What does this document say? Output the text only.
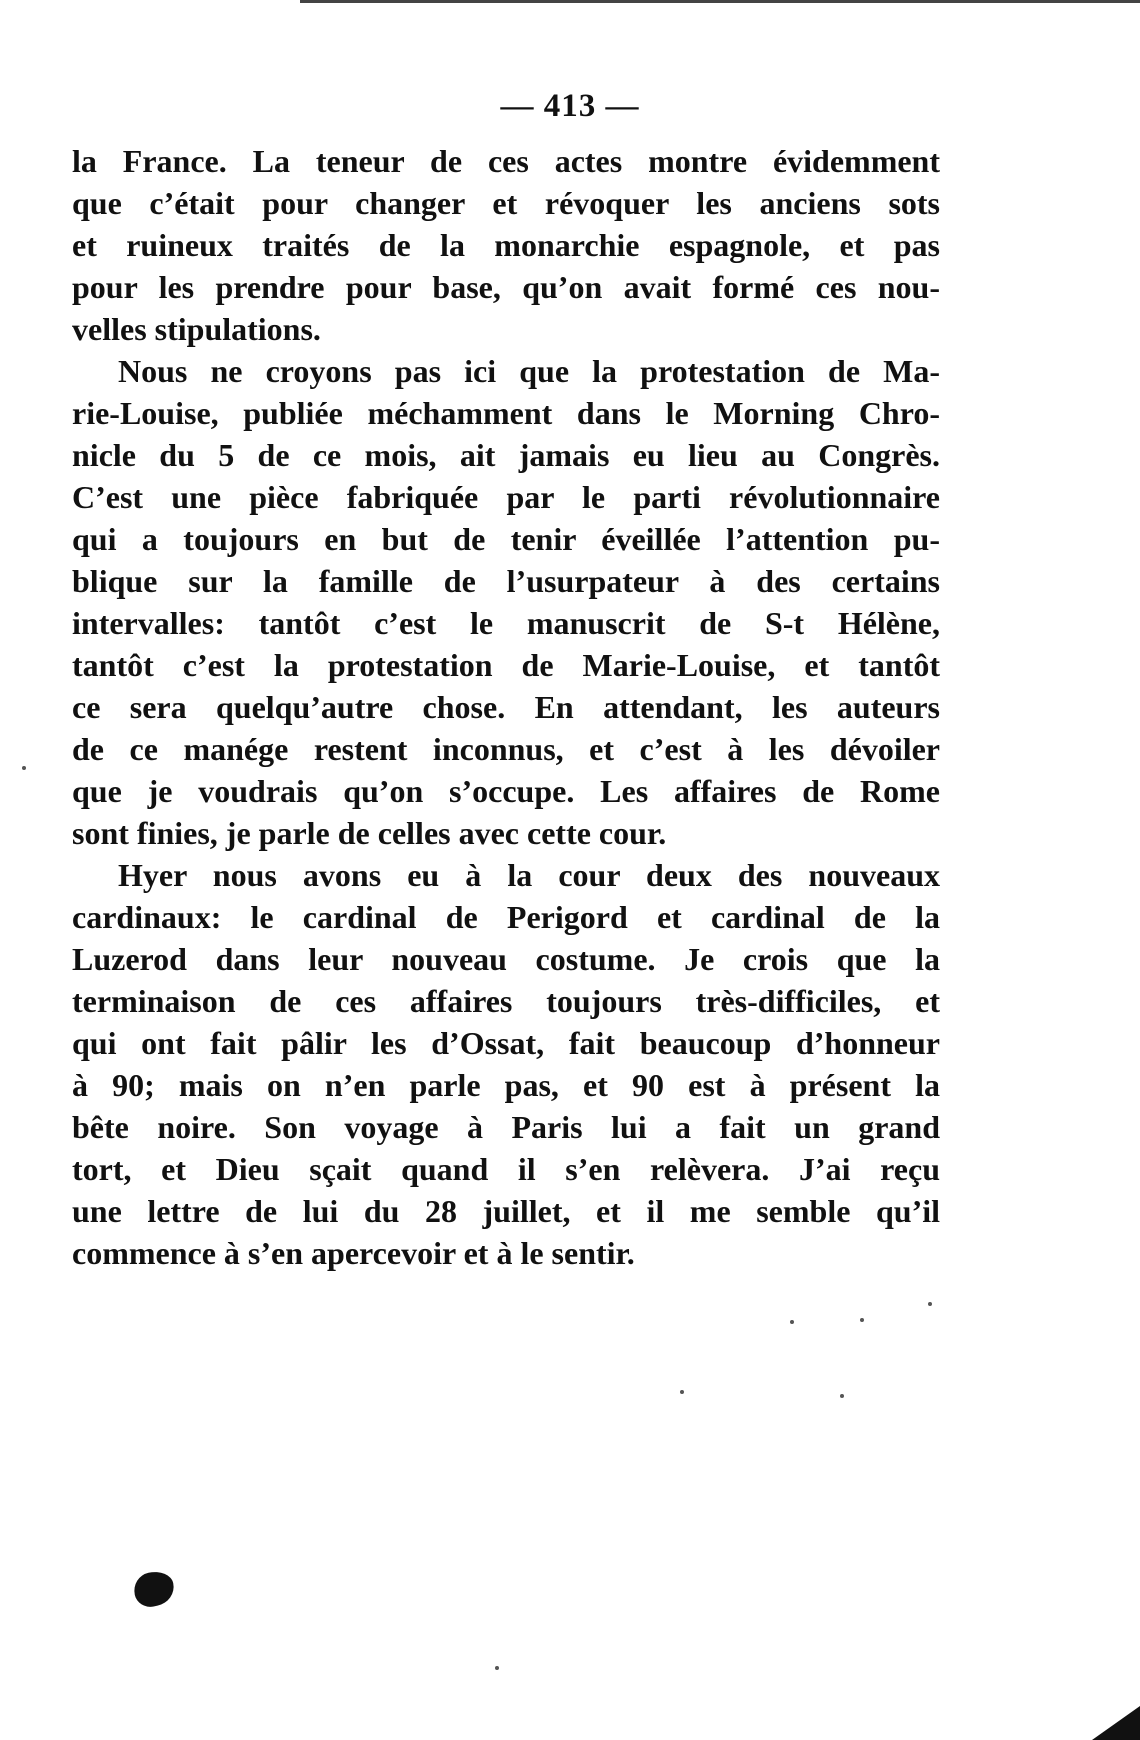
— 413 —
la France. La teneur de ces actes montre évidemment
que c’était pour changer et révoquer les anciens sots
et ruineux traités de la monarchie espagnole, et pas
pour les prendre pour base, qu’on avait formé ces nou-
velles stipulations.
Nous ne croyons pas ici que la protestation de Ma-
rie-Louise, publiée méchamment dans le Morning Chro-
nicle du 5 de ce mois, ait jamais eu lieu au Congrès.
C’est une pièce fabriquée par le parti révolutionnaire
qui a toujours en but de tenir éveillée l’attention pu-
blique sur la famille de l’usurpateur à des certains
intervalles: tantôt c’est le manuscrit de S-t Hélène,
tantôt c’est la protestation de Marie-Louise, et tantôt
ce sera quelqu’autre chose. En attendant, les auteurs
de ce manége restent inconnus, et c’est à les dévoiler
que je voudrais qu’on s’occupe. Les affaires de Rome
sont finies, je parle de celles avec cette cour.
Hyer nous avons eu à la cour deux des nouveaux
cardinaux: le cardinal de Perigord et cardinal de la
Luzerod dans leur nouveau costume. Je crois que la
terminaison de ces affaires toujours très-difficiles, et
qui ont fait pâlir les d’Ossat, fait beaucoup d’honneur
à 90; mais on n’en parle pas, et 90 est à présent la
bête noire. Son voyage à Paris lui a fait un grand
tort, et Dieu sçait quand il s’en relèvera. J’ai reçu
une lettre de lui du 28 juillet, et il me semble qu’il
commence à s’en apercevoir et à le sentir.
